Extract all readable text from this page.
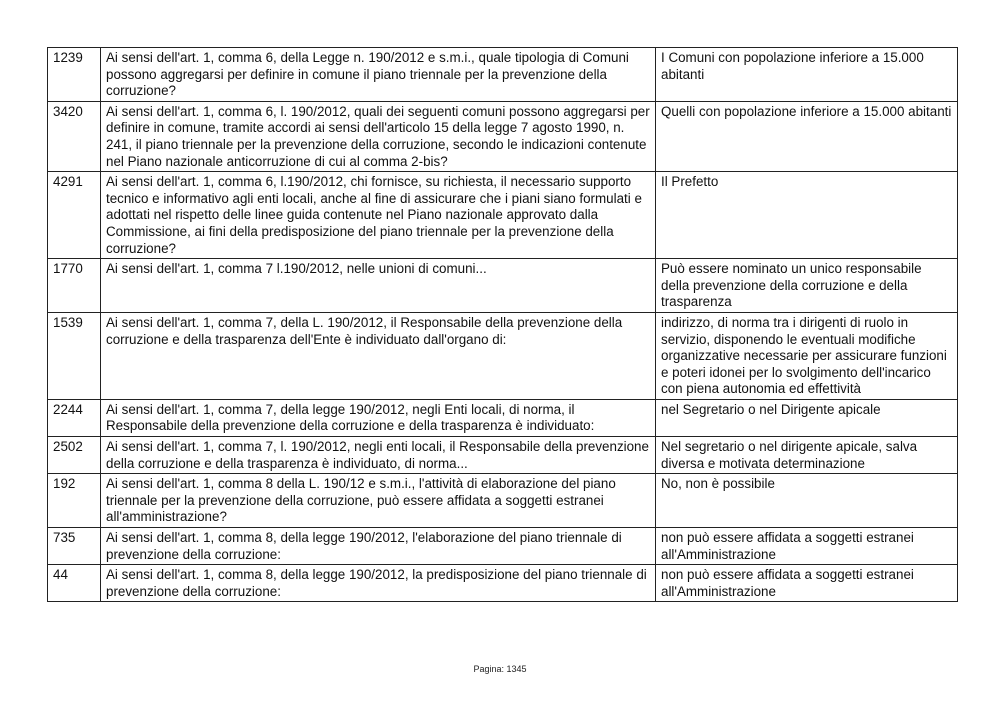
1239	Ai sensi dell'art. 1, comma 6, della Legge n. 190/2012 e s.m.i., quale tipologia di Comuni possono aggregarsi per definire in comune il piano triennale per la prevenzione della corruzione?	I Comuni con popolazione inferiore a 15.000 abitanti
3420	Ai sensi dell'art. 1, comma 6, l. 190/2012, quali dei seguenti comuni possono aggregarsi per definire in comune, tramite accordi ai sensi dell'articolo 15 della legge 7 agosto 1990, n. 241, il piano triennale per la prevenzione della corruzione, secondo le indicazioni contenute nel Piano nazionale anticorruzione di cui al comma 2-bis?	Quelli con popolazione inferiore a 15.000 abitanti
4291	Ai sensi dell'art. 1, comma 6, l.190/2012, chi fornisce, su richiesta, il necessario supporto tecnico e informativo agli enti locali, anche al fine di assicurare che i piani siano formulati e adottati nel rispetto delle linee guida contenute nel Piano nazionale approvato dalla Commissione, ai fini della predisposizione del piano triennale per la prevenzione della corruzione?	Il Prefetto
1770	Ai sensi dell'art. 1, comma 7 l.190/2012, nelle unioni di comuni...	Può essere nominato un unico responsabile della prevenzione della corruzione e della trasparenza
1539	Ai sensi dell'art. 1, comma 7, della L. 190/2012, il Responsabile della prevenzione della corruzione e della trasparenza dell'Ente è individuato dall'organo di:	indirizzo, di norma tra i dirigenti di ruolo in servizio, disponendo le eventuali modifiche organizzative necessarie per assicurare funzioni e poteri idonei per lo svolgimento dell'incarico con piena autonomia ed effettività
2244	Ai sensi dell'art. 1, comma 7, della legge 190/2012, negli Enti locali, di norma, il Responsabile della prevenzione della corruzione e della trasparenza è individuato:	nel Segretario o nel Dirigente apicale
2502	Ai sensi dell'art. 1, comma 7, l. 190/2012, negli enti locali, il Responsabile della prevenzione della corruzione e della trasparenza è individuato, di norma...	Nel segretario o nel dirigente apicale, salva diversa e motivata determinazione
192	Ai sensi dell'art. 1, comma 8 della L. 190/12 e s.m.i., l'attività di elaborazione del piano triennale per la prevenzione della corruzione, può essere affidata a soggetti estranei all'amministrazione?	No, non è possibile
735	Ai sensi dell'art. 1, comma 8, della legge 190/2012, l'elaborazione del piano triennale di prevenzione della corruzione:	non può essere affidata a soggetti estranei all'Amministrazione
44	Ai sensi dell'art. 1, comma 8, della legge 190/2012, la predisposizione del piano triennale di prevenzione della corruzione:	non può essere affidata a soggetti estranei all'Amministrazione
Pagina: 1345
